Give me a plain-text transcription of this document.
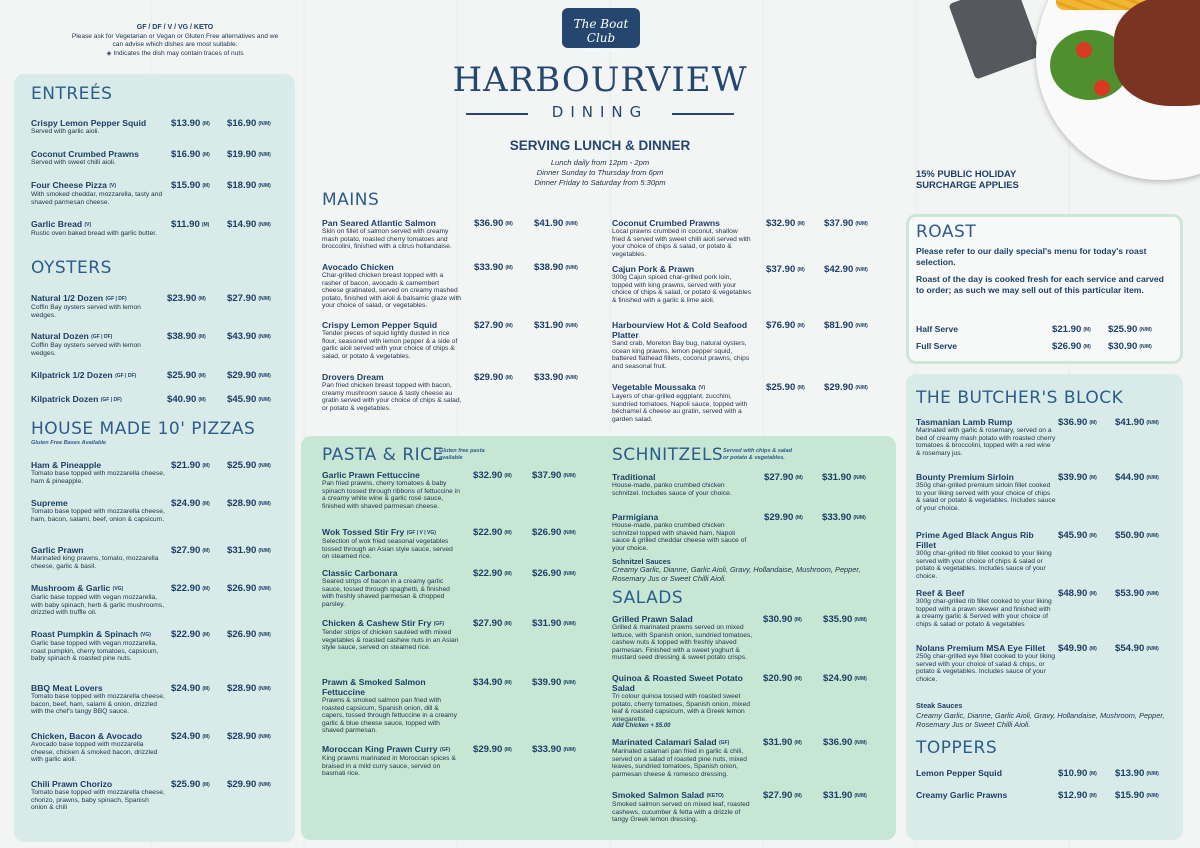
GF / DF / V / VG / KETO
Please ask for Vegetarian or Vegan or Gluten Free alternatives and we
can advise which dishes are most suitable.
◈ Indicates the dish may contain traces of nuts
The Boat Club
HERVEY BAY
HARBOURVIEW
DINING
SERVING LUNCH & DINNER
Lunch daily from 12pm - 2pm
Dinner Sunday to Thursday from 6pm
Dinner Friday to Saturday from 5:30pm
15% PUBLIC HOLIDAY
SURCHARGE APPLIES
ENTREÉS
OYSTERS
HOUSE MADE 10' PIZZAS
Gluten Free Bases Available
MAINS
PASTA & RICE
Gluten free pasta
available	SCHNITZELS Served with chips & salad
or potato & vegetables.
SALADS
ROAST
THE BUTCHER'S BLOCK
TOPPERS
Please refer to our daily special's menu for today's roast selection.
Roast of the day is cooked fresh for each service and carved to order; as such we may sell out of this particular item.
Schnitzel Sauces
Creamy Garlic, Dianne, Garlic Aioli, Gravy, Hollandaise, Mushroom, Pepper, Rosemary Jus or Sweet Chilli Aioli.
Steak Sauces
Creamy Garlic, Dianne, Garlic Aioli, Gravy, Hollandaise, Mushroom, Pepper, Rosemary Jus or Sweet Chilli Aioli.
Crispy Lemon Pepper Squid
Served with garlic aioli.
$13.90 (M) $16.90 (N/M)
Coconut Crumbed Prawns
Served with sweet chilli aioli.
$16.90 (M) $19.90 (N/M)
Four Cheese Pizza (V)
With smoked cheddar, mozzarella, tasty and shaved parmesan cheese.
$15.90 (M) $18.90 (N/M)
Garlic Bread (V)
Rustic oven baked bread with garlic butter.
$11.90 (M) $14.90 (N/M)
Natural 1/2 Dozen (GF | DF)
Coffin Bay oysters served with lemon wedges.
$23.90 (M) $27.90 (N/M)
Natural Dozen (GF | DF)
Coffin Bay oysters served with lemon wedges.
$38.90 (M) $43.90 (N/M)
Kilpatrick 1/2 Dozen (GF | DF)	$25.90 (M) $29.90 (N/M)
Kilpatrick Dozen (GF | DF)	$40.90 (M) $45.90 (N/M)
Ham & Pineapple
Tomato base topped with mozzarella cheese, ham & pineapple.
$21.90 (M) $25.90 (N/M)
Supreme
Tomato base topped with mozzarella cheese, ham, bacon, salami, beef, onion & capsicum.
$24.90 (M) $28.90 (N/M)
Garlic Prawn
Marinated king prawns, tomato, mozzarella cheese, garlic & basil.
$27.90 (M) $31.90 (N/M)
Mushroom & Garlic (VG)
Garlic base topped with vegan mozzarella, with baby spinach, herb & garlic mushrooms, drizzled with truffle oil.
$22.90 (M) $26.90 (N/M)
Roast Pumpkin & Spinach (VG)
Garlic base topped with vegan mozzarella, roast pumpkin, cherry tomatoes, capsicum, baby spinach & roasted pine nuts.
$22.90 (M) $26.90 (N/M)
BBQ Meat Lovers
Tomato base topped with mozzarella cheese, bacon, beef, ham, salami & onion, drizzled with the chef's tangy BBQ sauce.
$24.90 (M) $28.90 (N/M)
Chicken, Bacon & Avocado
Avocado base topped with mozzarella cheese, chicken & smoked bacon, drizzled with garlic aioli.
$24.90 (M) $28.90 (N/M)
Chili Prawn Chorizo
Tomato base topped with mozzarella cheese, chorizo, prawns, baby spinach, Spanish onion & chili
$25.90 (M) $29.90 (N/M)
Pan Seared Atlantic Salmon
Skin on fillet of salmon served with creamy mash potato, roasted cherry tomatoes and broccolini, finished with a citrus hollandaise.
$36.90 (M) $41.90 (N/M)
Avocado Chicken
Char-grilled chicken breast topped with a rasher of bacon, avocado & camembert cheese gratinated, served on creamy mashed potato, finished with aioli & balsamic glaze with your choice of salad, or vegetables.
$33.90 (M) $38.90 (N/M)
Crispy Lemon Pepper Squid
Tender pieces of squid lightly dusted in rice flour, seasoned with lemon pepper & a side of garlic aioli served with your choice of chips & salad, or potato & vegetables.
$27.90 (M) $31.90 (N/M)
Drovers Dream
Pan fried chicken breast topped with bacon, creamy mushroom sauce & tasty cheese au gratin served with your choice of chips & salad, or potato & vegetables.
$29.90 (M) $33.90 (N/M)
Coconut Crumbed Prawns
Local prawns crumbed in coconut, shallow fried & served with sweet chilli aioli served with your choice of chips & salad, or potato & vegetables.
$32.90 (M) $37.90 (N/M)
Cajun Pork & Prawn
300g Cajun spiced char-grilled pork loin, topped with king prawns, served with your choice of chips & salad, or potato & vegetables & finished with a garlic & lime aioli.
$37.90 (M) $42.90 (N/M)
Harbourview Hot & Cold Seafood Platter
Sand crab, Moreton Bay bug, natural oysters, ocean king prawns, lemon pepper squid, battered flathead fillets, coconut prawns, chips and seasonal fruit.
$76.90 (M) $81.90 (N/M)
Vegetable Moussaka (V)
Layers of char-grilled eggplant, zucchini, sundried tomatoes, Napoli sauce, topped with béchamel & cheese au gratin, served with a garden salad.
$25.90 (M) $29.90 (N/M)
Garlic Prawn Fettuccine
Pan fried prawns, cherry tomatoes & baby spinach tossed through ribbons of fettuccine in a creamy white wine & garlic rosé sauce, finished with shaved parmesan cheese.
$32.90 (M) $37.90 (N/M)
Wok Tossed Stir Fry (GF | V | VG)
Selection of wok fried seasonal vegetables tossed through an Asian style sauce, served on steamed rice.
$22.90 (M) $26.90 (N/M)
Classic Carbonara
Seared strips of bacon in a creamy garlic sauce, tossed through spaghetti, & finished with freshly shaved parmesan & chopped parsley.
$22.90 (M) $26.90 (N/M)
Chicken & Cashew Stir Fry (GF)
Tender strips of chicken sautéed with mixed vegetables & roasted cashew nuts in an Asian style sauce, served on steamed rice.
$27.90 (M) $31.90 (N/M)
Prawn & Smoked Salmon Fettuccine
Prawns & smoked salmon pan fried with roasted capsicum, Spanish onion, dill & capers, tossed through fettuccine in a creamy garlic & blue cheese sauce, topped with shaved parmesan.
$34.90 (M) $39.90 (N/M)
Moroccan King Prawn Curry (GF)
King prawns marinated in Moroccan spices & braised in a mild curry sauce, served on basmati rice.
$29.90 (M) $33.90 (N/M)
Traditional
House-made, panko crumbed chicken schnitzel. Includes sauce of your choice.
$27.90 (M) $31.90 (N/M)
Parmigiana
House-made, panko crumbed chicken schnitzel topped with shaved ham, Napoli sauce & grilled cheddar cheese with sauce of your choice.
$29.90 (M) $33.90 (N/M)
Grilled Prawn Salad
Grilled & marinated prawns served on mixed lettuce, with Spanish onion, sundried tomatoes, cashew nuts & topped with freshly shaved parmesan. Finished with a sweet yoghurt & mustard seed dressing & sweet potato crisps.
$30.90 (M) $35.90 (N/M)
Quinoa & Roasted Sweet Potato Salad
Tri colour quinoa tossed with roasted sweet potato, cherry tomatoes, Spanish onion, mixed leaf & roasted capsicum, with a Greek lemon vinegarette.
Add Chicken + $5.00
$20.90 (M) $24.90 (N/M)
Marinated Calamari Salad (GF)
Marinated calamari pan fried in garlic & chili, served on a salad of roasted pine nuts, mixed leaves, sundried tomatoes, Spanish onion, parmesan cheese & romesco dressing.
$31.90 (M) $36.90 (N/M)
Smoked Salmon Salad (KETO)
Smoked salmon served on mixed leaf, roasted cashews, cucumber & fetta with a drizzle of tangy Greek lemon dressing.
$27.90 (M) $31.90 (N/M)
Tasmanian Lamb Rump
Marinated with garlic & rosemary, served on a bed of creamy mash potato with roasted cherry tomatoes & broccolini, topped with a red wine & rosemary jus.
$36.90 (M) $41.90 (N/M)
Bounty Premium Sirloin
350g char-grilled premium sirloin fillet cooked to your liking served with your choice of chips & salad or potato & vegetables. Includes sauce of your choice.
$39.90 (M) $44.90 (N/M)
Prime Aged Black Angus Rib Fillet
300g char-grilled rib fillet cooked to your liking served with your choice of chips & salad or potato & vegetables. Includes sauce of your choice.
$45.90 (M) $50.90 (N/M)
Reef & Beef
300g char-grilled rib fillet cooked to your liking topped with a prawn skewer and finished with a creamy garlic & Served with your choice of chips & salad or potato & vegetables
$48.90 (M) $53.90 (N/M)
Nolans Premium MSA Eye Fillet
250g char-grilled eye fillet cooked to your liking served with your choice of salad & chips, or potato & vegetables. Includes sauce of your choice.
$49.90 (M) $54.90 (N/M)
Half Serve	$21.90 (M) $25.90 (N/M)
Full Serve	$26.90 (M) $30.90 (N/M)
Lemon Pepper Squid	$10.90 (M) $13.90 (N/M)
Creamy Garlic Prawns	$12.90 (M) $15.90 (N/M)
